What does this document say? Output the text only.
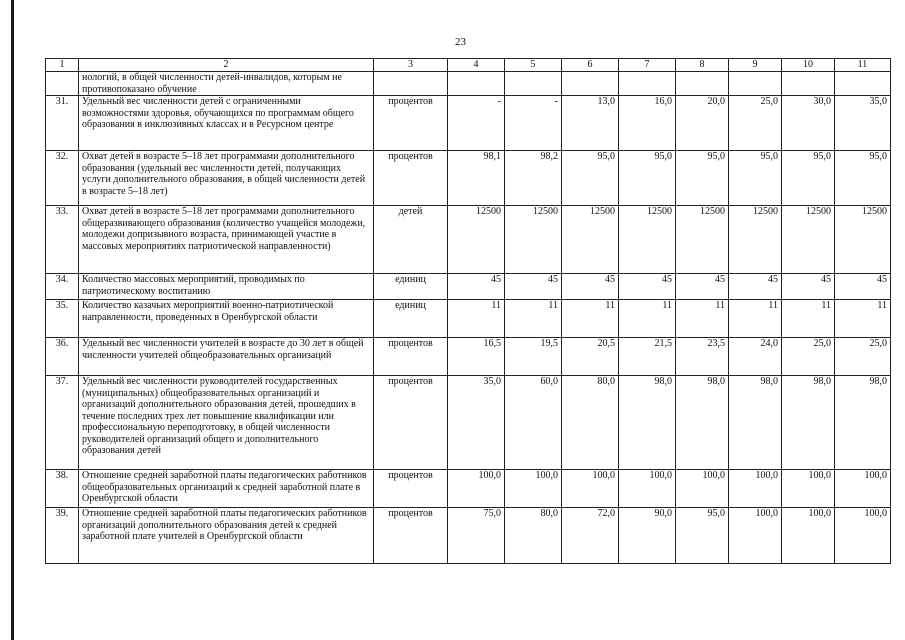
23
1	2	3	4	5	6	7	8	9	10	11
	нологий, в общей численности детей-инвалидов, которым не противопоказано обучение									
31.	Удельный вес численности детей с ограниченными возможностями здоровья, обучающихся по программам общего образования в инклюзивных классах и в Ресурсном центре	процентов	-	-	13,0	16,0	20,0	25,0	30,0	35,0
32.	Охват детей в возрасте 5–18 лет программами дополнительного образования (удельный вес численности детей, получающих услуги дополнительного образования, в общей численности детей в возрасте 5–18 лет)	процентов	98,1	98,2	95,0	95,0	95,0	95,0	95,0	95,0
33.	Охват детей в возрасте 5–18 лет программами дополнительного общеразвивающего образования (количество учащейся молодежи, молодежи допризывного возраста, принимающей участие в массовых мероприятиях патриотической направленности)	детей	12500	12500	12500	12500	12500	12500	12500	12500
34.	Количество массовых мероприятий, проводимых по патриотическому воспитанию	единиц	45	45	45	45	45	45	45	45
35.	Количество казачьих мероприятий военно-патриотической направленности, проведенных в Оренбургской области	единиц	11	11	11	11	11	11	11	11
36.	Удельный вес численности учителей в возрасте до 30 лет в общей численности учителей общеобразовательных организаций	процентов	16,5	19,5	20,5	21,5	23,5	24,0	25,0	25,0
37.	Удельный вес численности руководителей государственных (муниципальных) общеобразовательных организаций и организаций дополнительного образования детей, прошедших в течение последних трех лет повышение квалификации или профессиональную переподготовку, в общей численности руководителей организаций общего и дополнительного образования детей	процентов	35,0	60,0	80,0	98,0	98,0	98,0	98,0	98,0
38.	Отношение средней заработной платы педагогических работников общеобразовательных организаций к средней заработной плате в Оренбургской области	процентов	100,0	100,0	100,0	100,0	100,0	100,0	100,0	100,0
39.	Отношение средней заработной платы педагогических работников организаций дополнительного образования детей к средней заработной плате учителей в Оренбургской области	процентов	75,0	80,0	72,0	90,0	95,0	100,0	100,0	100,0
